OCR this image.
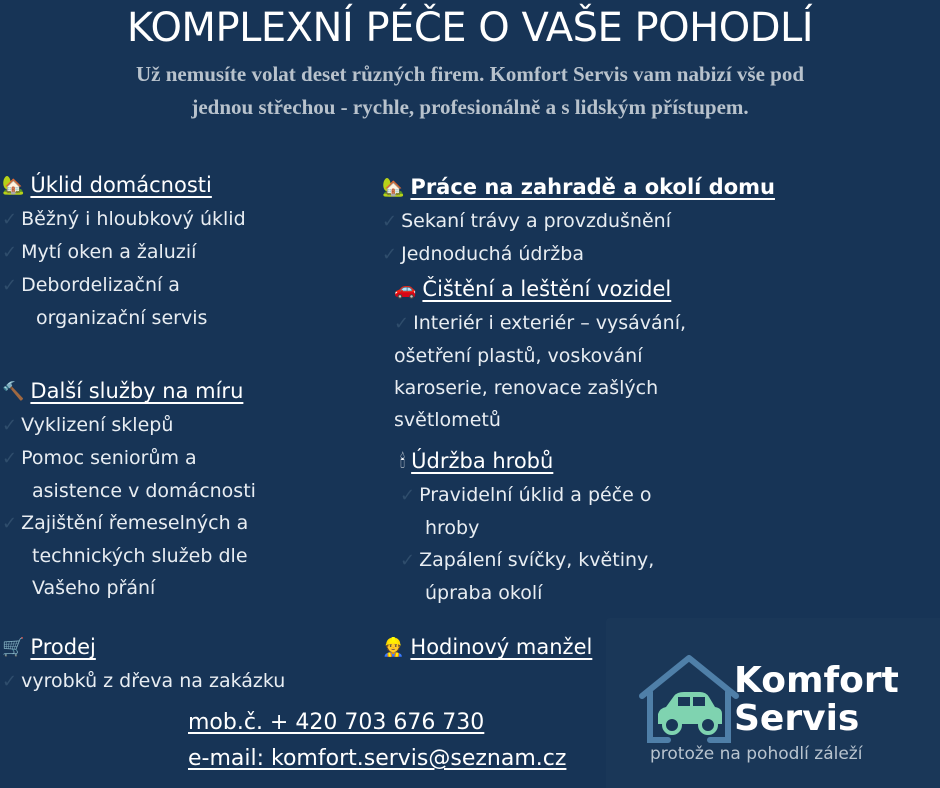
KOMPLEXNÍ PÉČE O VAŠE POHODLÍ
Už nemusíte volat deset různých firem. Komfort Servis vam nabizí vše pod
jednou střechou - rychle, profesionálně a s lidským přístupem.
🏡 Úklid domácnosti
✓ Běžný i hloubkový úklid
✓ Mytí oken a žaluzií
✓ Debordelizační a
organizační servis
🔨 Další služby na míru
✓ Vyklizení sklepů
✓ Pomoc seniorům a
asistence v domácnosti
✓ Zajištění řemeselných a
technických služeb dle
Vašeho přání
🛒 Prodej
✓ vyrobků z dřeva na zakázku
🏡 Práce na zahradě a okolí domu
✓ Sekaní trávy a provzdušnění
✓ Jednoduchá údržba
🚗 Čištění a leštění vozidel
✓ Interiér i exteriér – vysávání,
ošetření plastů, voskování
karoserie, renovace zašlých
světlometů
🕯 Údržba hrobů
✓ Pravidelní úklid a péče o
hroby
✓ Zapálení svíčky, květiny,
úpraba okolí
👷 Hodinový manžel
mob.č. + 420 703 676 730
e-mail: komfort.servis@seznam.cz
Komfort
Servis
protože na pohodlí záleží
